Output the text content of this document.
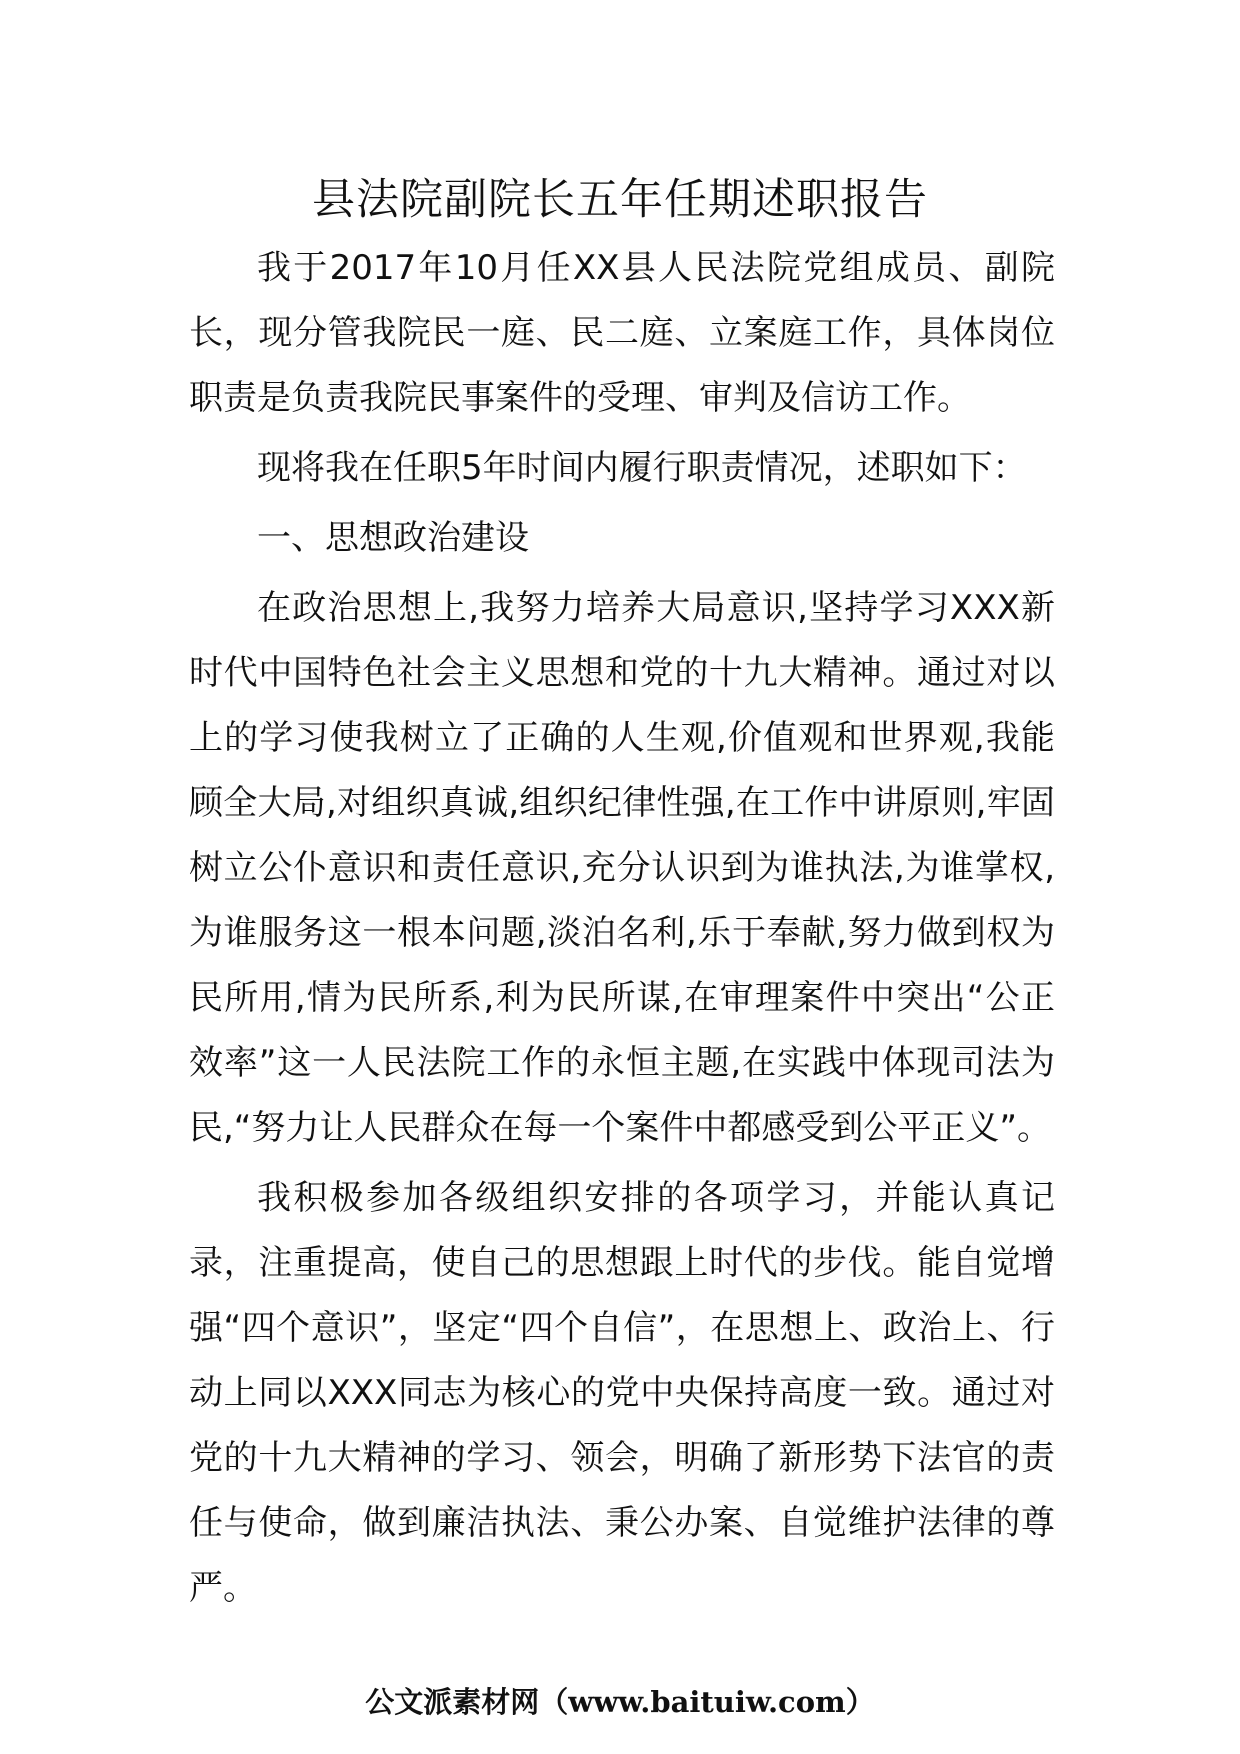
县法院副院长五年任期述职报告

我于2017年10月任XX县人民法院党组成员、副院长，现分管我院民一庭、民二庭、立案庭工作，具体岗位职责是负责我院民事案件的受理、审判及信访工作。

现将我在任职5年时间内履行职责情况，述职如下：

一、思想政治建设

在政治思想上,我努力培养大局意识,坚持学习XXX新时代中国特色社会主义思想和党的十九大精神。通过对以上的学习使我树立了正确的人生观,价值观和世界观,我能顾全大局,对组织真诚,组织纪律性强,在工作中讲原则,牢固树立公仆意识和责任意识,充分认识到为谁执法,为谁掌权,为谁服务这一根本问题,淡泊名利,乐于奉献,努力做到权为民所用,情为民所系,利为民所谋,在审理案件中突出“公正效率”这一人民法院工作的永恒主题,在实践中体现司法为民,“努力让人民群众在每一个案件中都感受到公平正义”。

我积极参加各级组织安排的各项学习，并能认真记录，注重提高，使自己的思想跟上时代的步伐。能自觉增强“四个意识”，坚定“四个自信”，在思想上、政治上、行动上同以XXX同志为核心的党中央保持高度一致。通过对党的十九大精神的学习、领会，明确了新形势下法官的责任与使命，做到廉洁执法、秉公办案、自觉维护法律的尊严。

公文派素材网（www.baituiw.com）
